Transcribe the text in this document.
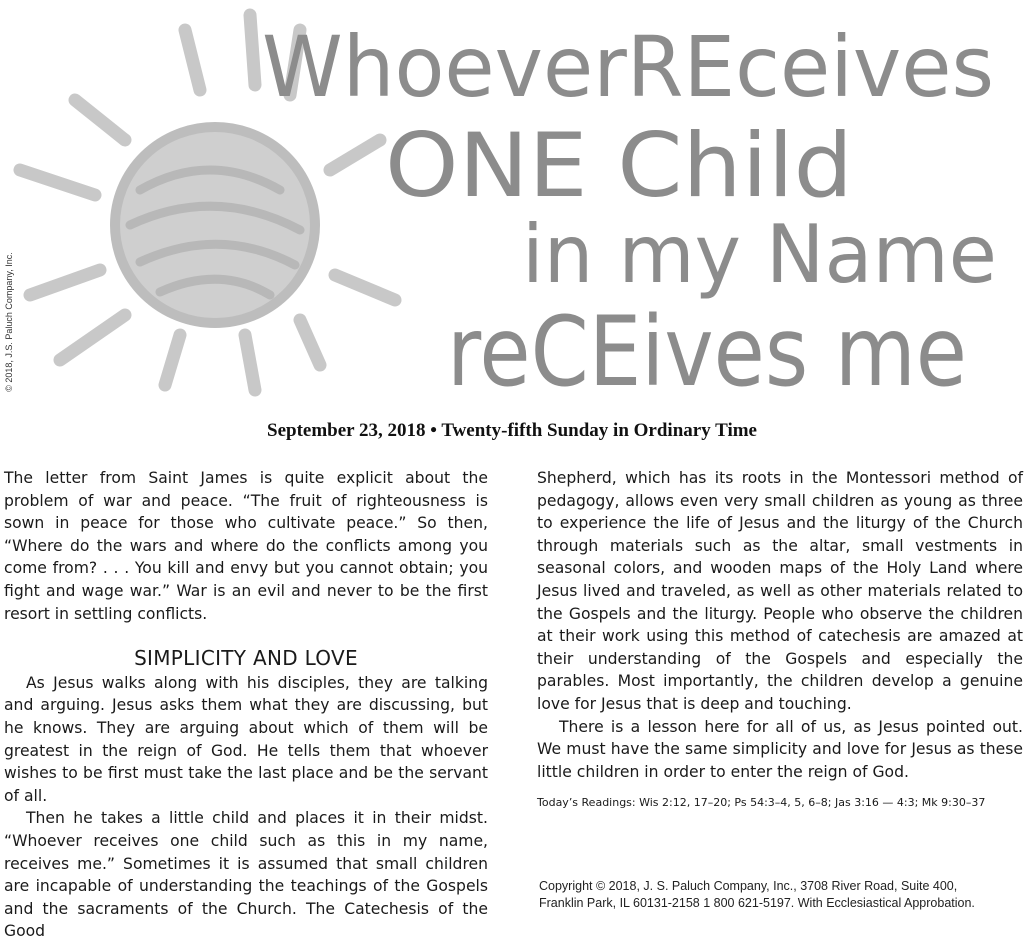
© 2018, J.S. Paluch Company, Inc.
WhoeverREceives
ONE Child
in my Name
reCEives me
September 23, 2018 • Twenty-fifth Sunday in Ordinary Time

The letter from Saint James is quite explicit about the problem of war and peace. “The fruit of righteousness is sown in peace for those who cultivate peace.” So then, “Where do the wars and where do the conflicts among you come from? . . . You kill and envy but you cannot obtain; you fight and wage war.” War is an evil and never to be the first resort in settling conflicts.

SIMPLICITY AND LOVE

As Jesus walks along with his disciples, they are talking and arguing. Jesus asks them what they are discussing, but he knows. They are arguing about which of them will be greatest in the reign of God. He tells them that whoever wishes to be first must take the last place and be the servant of all.

Then he takes a little child and places it in their midst. “Whoever receives one child such as this in my name, receives me.” Sometimes it is assumed that small children are incapable of understanding the teachings of the Gospels and the sacraments of the Church. The Catechesis of the Good

Shepherd, which has its roots in the Montessori method of pedagogy, allows even very small children as young as three to experience the life of Jesus and the liturgy of the Church through materials such as the altar, small vestments in seasonal colors, and wooden maps of the Holy Land where Jesus lived and traveled, as well as other materials related to the Gospels and the liturgy. People who observe the children at their work using this method of catechesis are amazed at their understanding of the Gospels and especially the parables. Most importantly, the children develop a genuine love for Jesus that is deep and touching.

There is a lesson here for all of us, as Jesus pointed out. We must have the same simplicity and love for Jesus as these little children in order to enter the reign of God.

Today’s Readings: Wis 2:12, 17–20; Ps 54:3–4, 5, 6–8; Jas 3:16 — 4:3; Mk 9:30–37
Copyright © 2018, J. S. Paluch Company, Inc., 3708 River Road, Suite 400,
Franklin Park, IL 60131-2158 1 800 621-5197. With Ecclesiastical Approbation.
